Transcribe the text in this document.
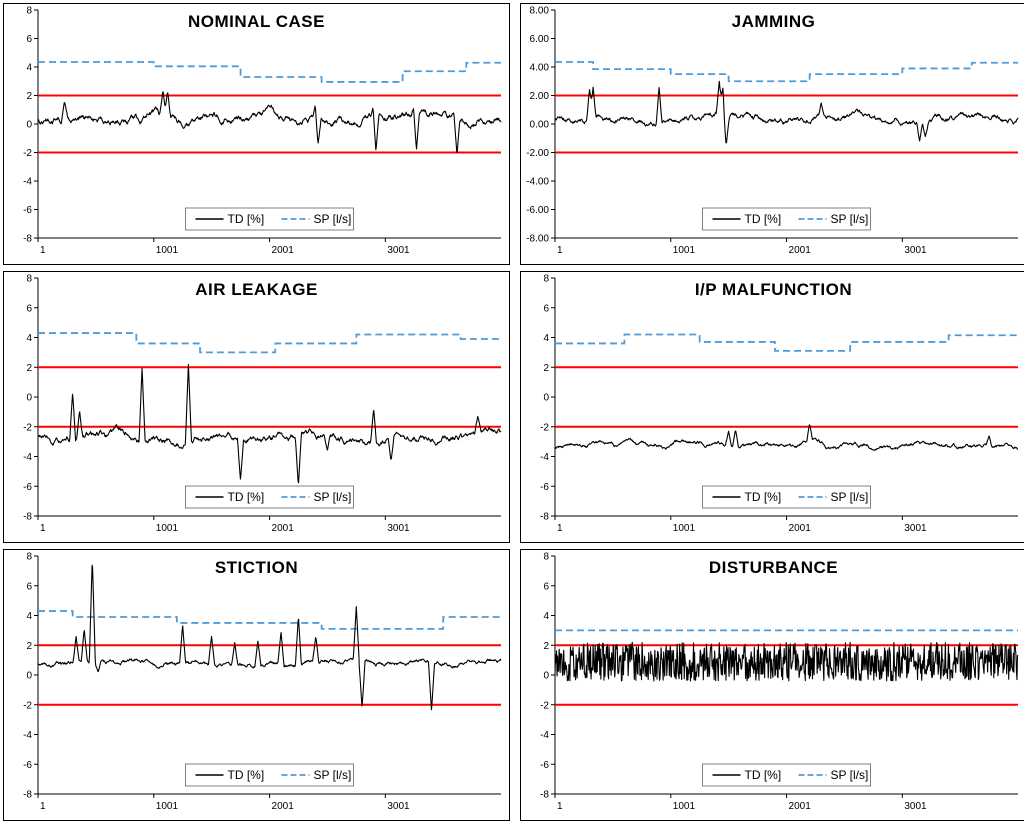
NOMINAL CASE
8
6
4
2
0
-2
-4
-6
-8
1	1001	2001	3001
TD [%]	SP [l/s]
JAMMING
8.00
6.00
4.00
2.00
0.00
-2.00
-4.00
-6.00
-8.00
1	1001	2001	3001
TD [%]	SP [l/s]
AIR LEAKAGE
8
6
4
2
0
-2
-4
-6
-8
1	1001	2001	3001
TD [%]	SP [l/s]
I/P MALFUNCTION
8
6
4
2
0
-2
-4
-6
-8
1	1001	2001	3001
TD [%]	SP [l/s]
STICTION
8
6
4
2
0
-2
-4
-6
-8
1	1001	2001	3001
TD [%]	SP [l/s]
DISTURBANCE
8
6
4
2
0
-2
-4
-6
-8
1	1001	2001	3001
TD [%]	SP [l/s]
